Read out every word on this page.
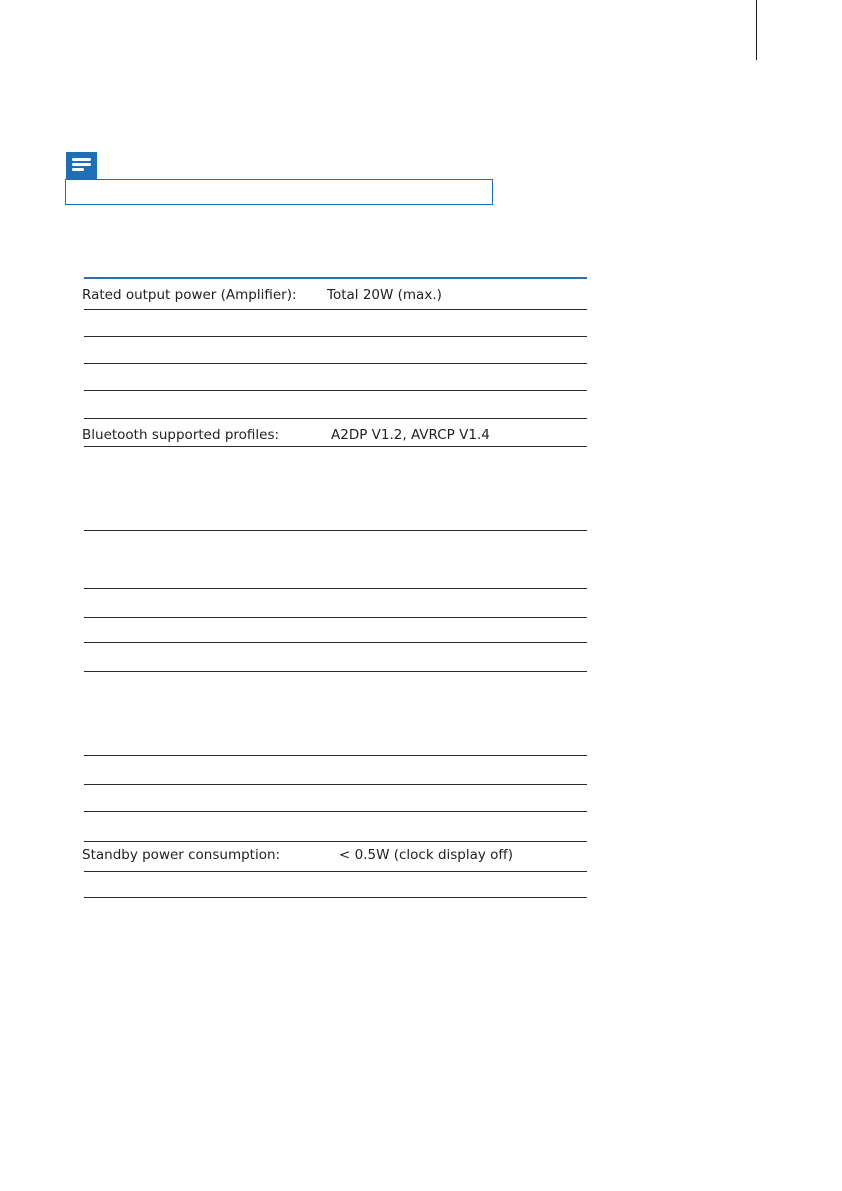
Rated output power (Amplifier): Total 20W (max.)
Bluetooth supported profiles:	A2DP V1.2, AVRCP V1.4
Standby power consumption:	< 0.5W (clock display off)
